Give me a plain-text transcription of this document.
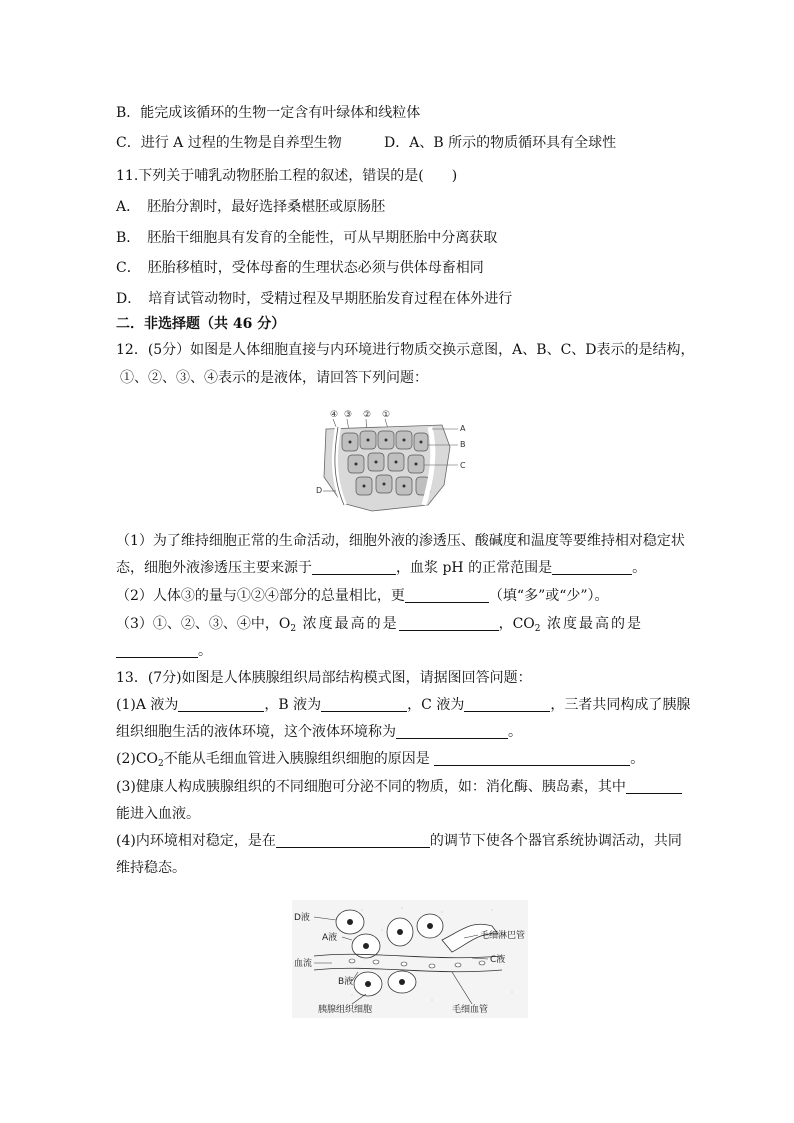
B．能完成该循环的生物一定含有叶绿体和线粒体
C．进行 A 过程的生物是自养型生物	D．A、B 所示的物质循环具有全球性
11.下列关于哺乳动物胚胎工程的叙述，错误的是(　　)
A．　胚胎分割时，最好选择桑椹胚或原肠胚
B．　胚胎干细胞具有发育的全能性，可从早期胚胎中分离获取
C．　胚胎移植时，受体母畜的生理状态必须与供体母畜相同
D．　培育试管动物时，受精过程及早期胚胎发育过程在体外进行
二．非选择题（共 46 分）
12．(5分）如图是人体细胞直接与内环境进行物质交换示意图，A、B、C、D表示的是结构，
①、②、③、④表示的是液体，请回答下列问题：
④ ③ ② ①
A
B
C
D
（1）为了维持细胞正常的生命活动，细胞外液的渗透压、酸碱度和温度等要维持相对稳定状
态，细胞外液渗透压主要来源于	，血浆 pH 的正常范围是	。
（2）人体③的量与①②④部分的总量相比，更	（填“多”或“少”）。
（3）①、②、③、④中，$O_2$ 浓度最高的是	，$CO_2$ 浓度最高的是
。
13．(7分)如图是人体胰腺组织局部结构模式图，请据图回答问题：
(1)A 液为	，B 液为	，C 液为	，三者共同构成了胰腺
组织细胞生活的液体环境，这个液体环境称为	。
$(2)CO_2$不能从毛细血管进入胰腺组织细胞的原因是	。
(3)健康人构成胰腺组织的不同细胞可分泌不同的物质，如：消化酶、胰岛素，其中
能进入血液。
(4)内环境相对稳定，是在	的调节下使各个器官系统协调活动，共同
维持稳态。
D液
A液
血流
B液
毛细淋巴管
C液
胰腺组织细胞	毛细血管
